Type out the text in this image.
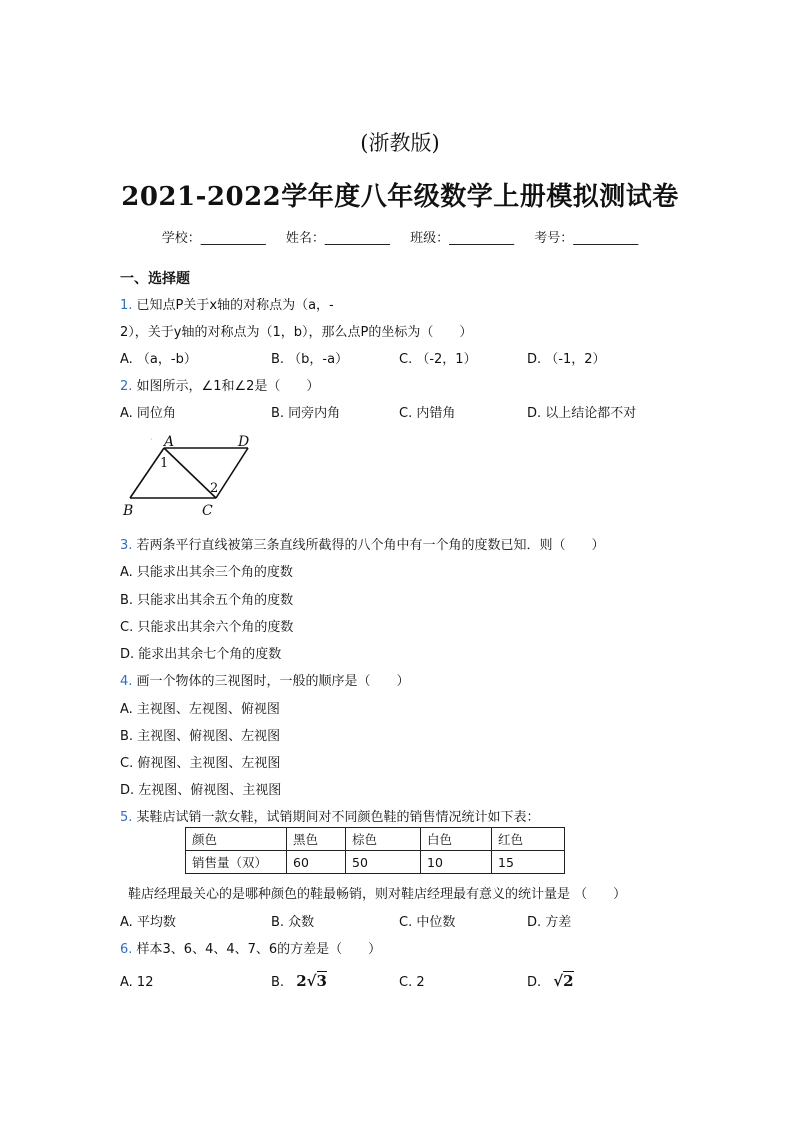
(浙教版)
2021-2022学年度八年级数学上册模拟测试卷
学校：__________ 姓名：__________ 班级：__________ 考号：__________
一、选择题
1. 已知点P关于x轴的对称点为（a，-
2），关于y轴的对称点为（1，b），那么点P的坐标为（　　）
A. （a，-b）	B. （b，-a）	C. （-2，1）	D. （-1，2）
2. 如图所示，∠1和∠2是（　　）
A. 同位角	B. 同旁内角	C. 内错角	D. 以上结论都不对
A	D
B	C
1
2
·
3. 若两条平行直线被第三条直线所截得的八个角中有一个角的度数已知．则（　　）
A. 只能求出其余三个角的度数
B. 只能求出其余五个角的度数
C. 只能求出其余六个角的度数
D. 能求出其余七个角的度数
4. 画一个物体的三视图时，一般的顺序是（　　）
A. 主视图、左视图、俯视图
B. 主视图、俯视图、左视图
C. 俯视图、主视图、左视图
D. 左视图、俯视图、主视图
5. 某鞋店试销一款女鞋，试销期间对不同颜色鞋的销售情况统计如下表：
颜色	黑色	棕色	白色	红色
销售量（双）	60	50	10	15
鞋店经理最关心的是哪种颜色的鞋最畅销，则对鞋店经理最有意义的统计量是 （　　）
A. 平均数	B. 众数	C. 中位数	D. 方差
6. 样本3、6、4、4、7、6的方差是（　　）
A. 12	B. 2√3	C. 2	D. √2
